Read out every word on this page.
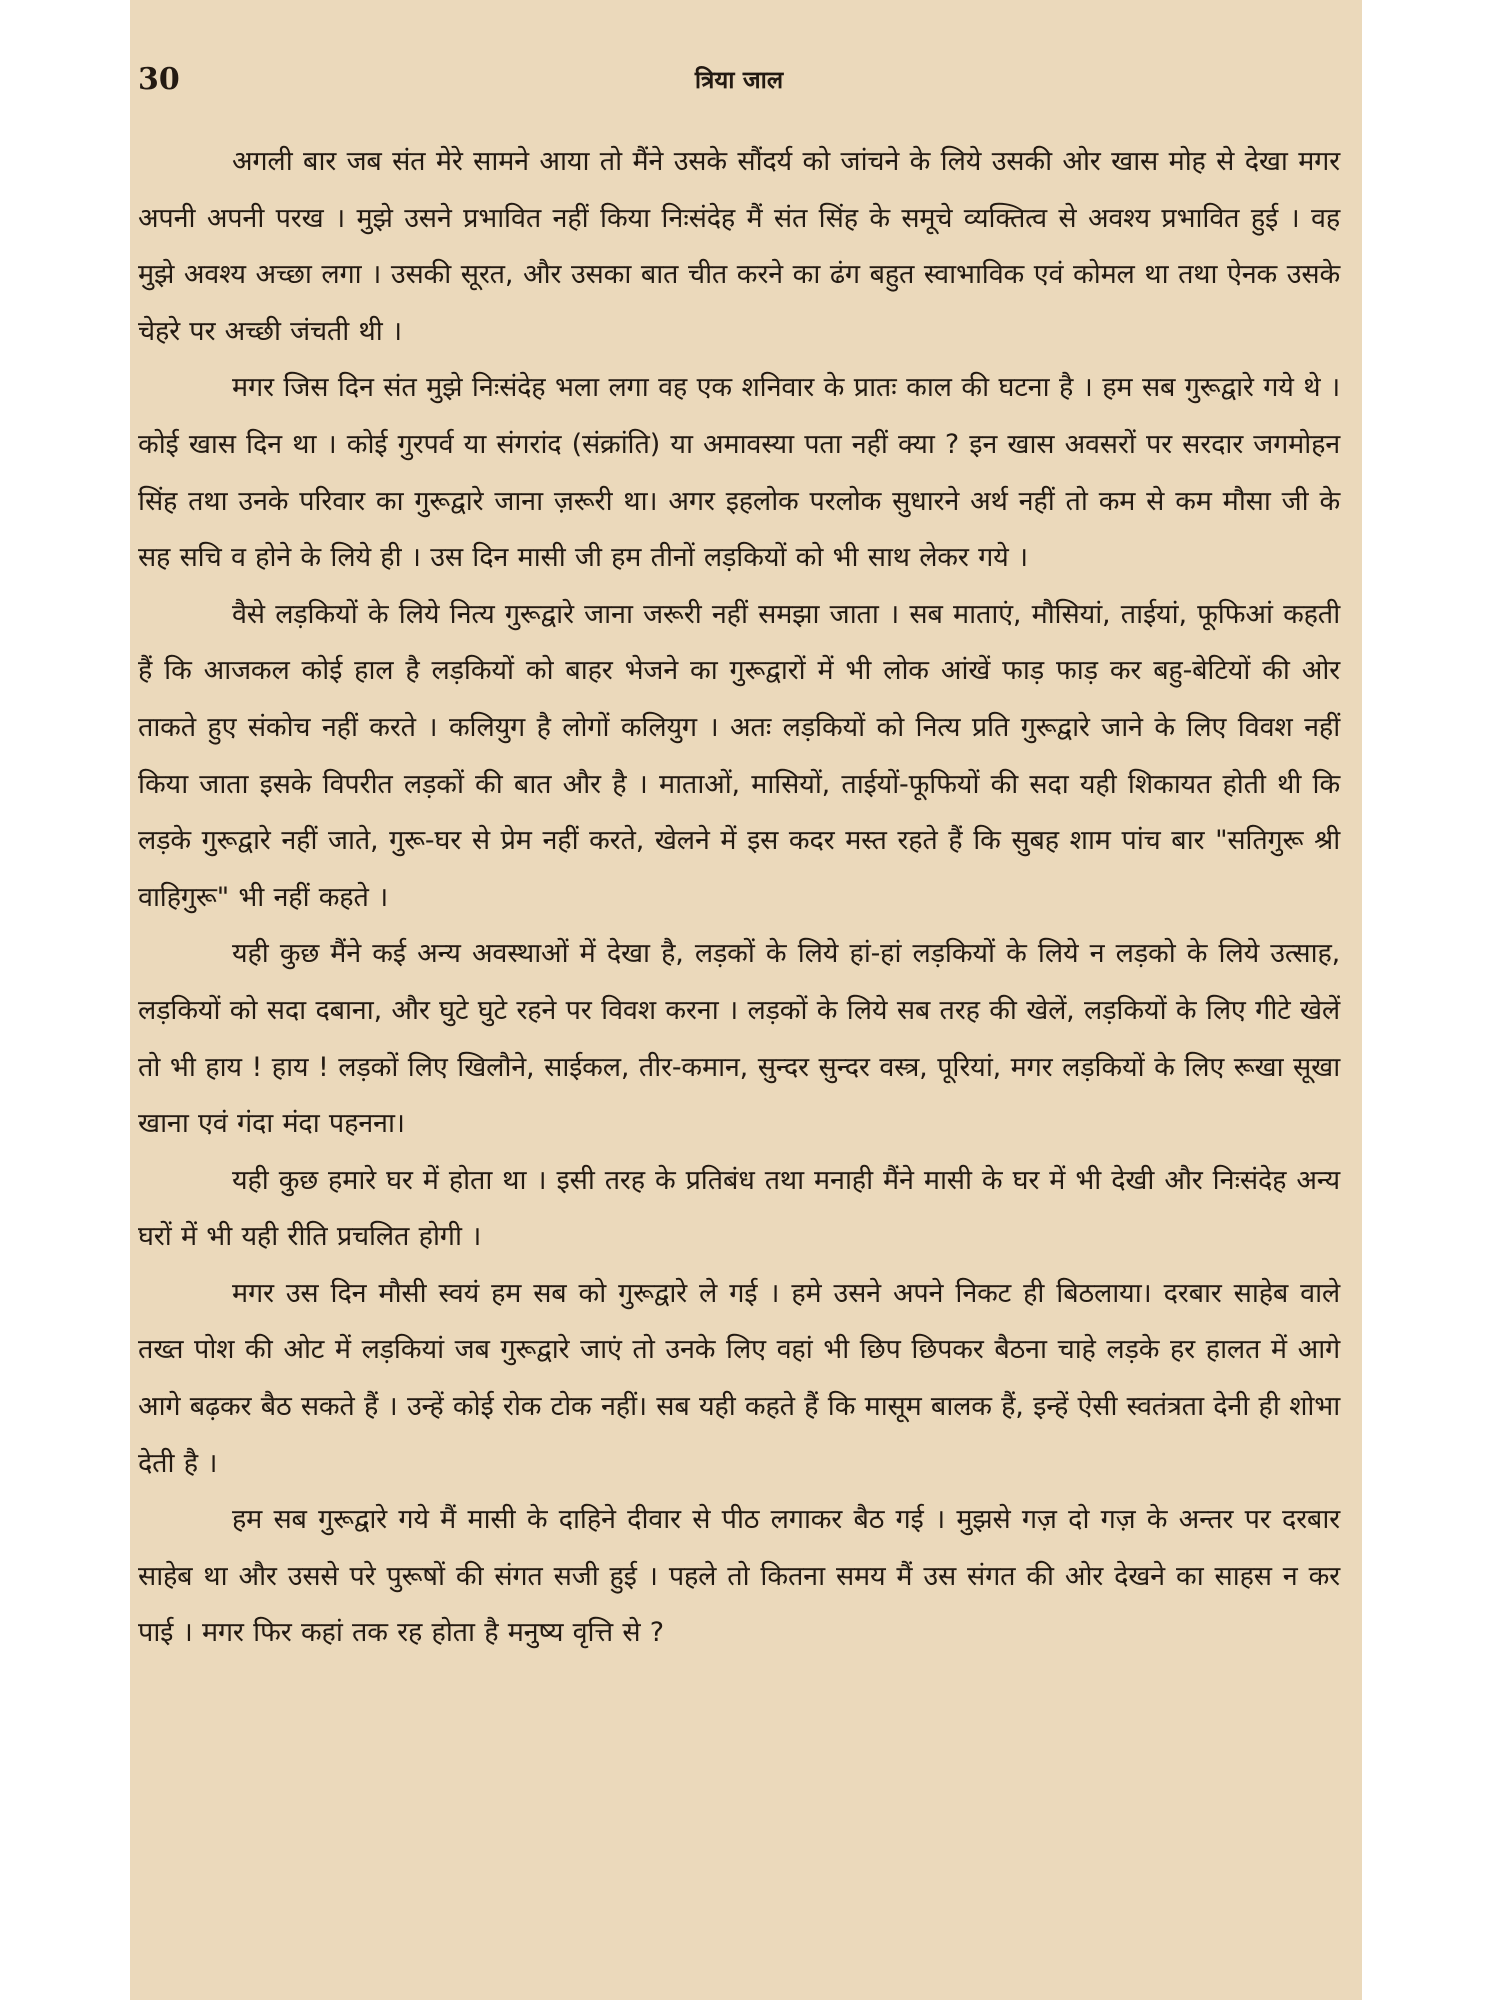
30	त्रिया जाल

अगली बार जब संत मेरे सामने आया तो मैंने उसके सौंदर्य को जांचने के लिये उसकी ओर खास मोह से देखा मगर अपनी अपनी परख । मुझे उसने प्रभावित नहीं किया निःसंदेह मैं संत सिंह के समूचे व्यक्तित्व से अवश्य प्रभावित हुई । वह मुझे अवश्य अच्छा लगा । उसकी सूरत, और उसका बात चीत करने का ढंग बहुत स्वाभाविक एवं कोमल था तथा ऐनक उसके चेहरे पर अच्छी जंचती थी ।

मगर जिस दिन संत मुझे निःसंदेह भला लगा वह एक शनिवार के प्रातः काल की घटना है । हम सब गुरूद्वारे गये थे । कोई खास दिन था । कोई गुरपर्व या संगरांद (संक्रांति) या अमावस्या पता नहीं क्या ? इन खास अवसरों पर सरदार जगमोहन सिंह तथा उनके परिवार का गुरूद्वारे जाना ज़रूरी था। अगर इहलोक परलोक सुधारने अर्थ नहीं तो कम से कम मौसा जी के सह सचि व होने के लिये ही । उस दिन मासी जी हम तीनों लड़कियों को भी साथ लेकर गये ।

वैसे लड़कियों के लिये नित्य गुरूद्वारे जाना जरूरी नहीं समझा जाता । सब माताएं, मौसियां, ताईयां, फूफिआं कहती हैं कि आजकल कोई हाल है लड़कियों को बाहर भेजने का गुरूद्वारों में भी लोक आंखें फाड़ फाड़ कर बहु-बेटियों की ओर ताकते हुए संकोच नहीं करते । कलियुग है लोगों कलियुग । अतः लड़कियों को नित्य प्रति गुरूद्वारे जाने के लिए विवश नहीं किया जाता इसके विपरीत लड़कों की बात और है । माताओं, मासियों, ताईयों-फूफियों की सदा यही शिकायत होती थी कि लड़के गुरूद्वारे नहीं जाते, गुरू-घर से प्रेम नहीं करते, खेलने में इस कदर मस्त रहते हैं कि सुबह शाम पांच बार "सतिगुरू श्री वाहिगुरू" भी नहीं कहते ।

यही कुछ मैंने कई अन्य अवस्थाओं में देखा है, लड़कों के लिये हां-हां लड़कियों के लिये न लड़को के लिये उत्साह, लड़कियों को सदा दबाना, और घुटे घुटे रहने पर विवश करना । लड़कों के लिये सब तरह की खेलें, लड़कियों के लिए गीटे खेलें तो भी हाय ! हाय ! लड़कों लिए खिलौने, साईकल, तीर-कमान, सुन्दर सुन्दर वस्त्र, पूरियां, मगर लड़कियों के लिए रूखा सूखा खाना एवं गंदा मंदा पहनना।

यही कुछ हमारे घर में होता था । इसी तरह के प्रतिबंध तथा मनाही मैंने मासी के घर में भी देखी और निःसंदेह अन्य घरों में भी यही रीति प्रचलित होगी ।

मगर उस दिन मौसी स्वयं हम सब को गुरूद्वारे ले गई । हमे उसने अपने निकट ही बिठलाया। दरबार साहेब वाले तख्त पोश की ओट में लड़कियां जब गुरूद्वारे जाएं तो उनके लिए वहां भी छिप छिपकर बैठना चाहे लड़के हर हालत में आगे आगे बढ़कर बैठ सकते हैं । उन्हें कोई रोक टोक नहीं। सब यही कहते हैं कि मासूम बालक हैं, इन्हें ऐसी स्वतंत्रता देनी ही शोभा देती है ।

हम सब गुरूद्वारे गये मैं मासी के दाहिने दीवार से पीठ लगाकर बैठ गई । मुझसे गज़ दो गज़ के अन्तर पर दरबार साहेब था और उससे परे पुरूषों की संगत सजी हुई । पहले तो कितना समय मैं उस संगत की ओर देखने का साहस न कर पाई । मगर फिर कहां तक रह होता है मनुष्य वृत्ति से ?
